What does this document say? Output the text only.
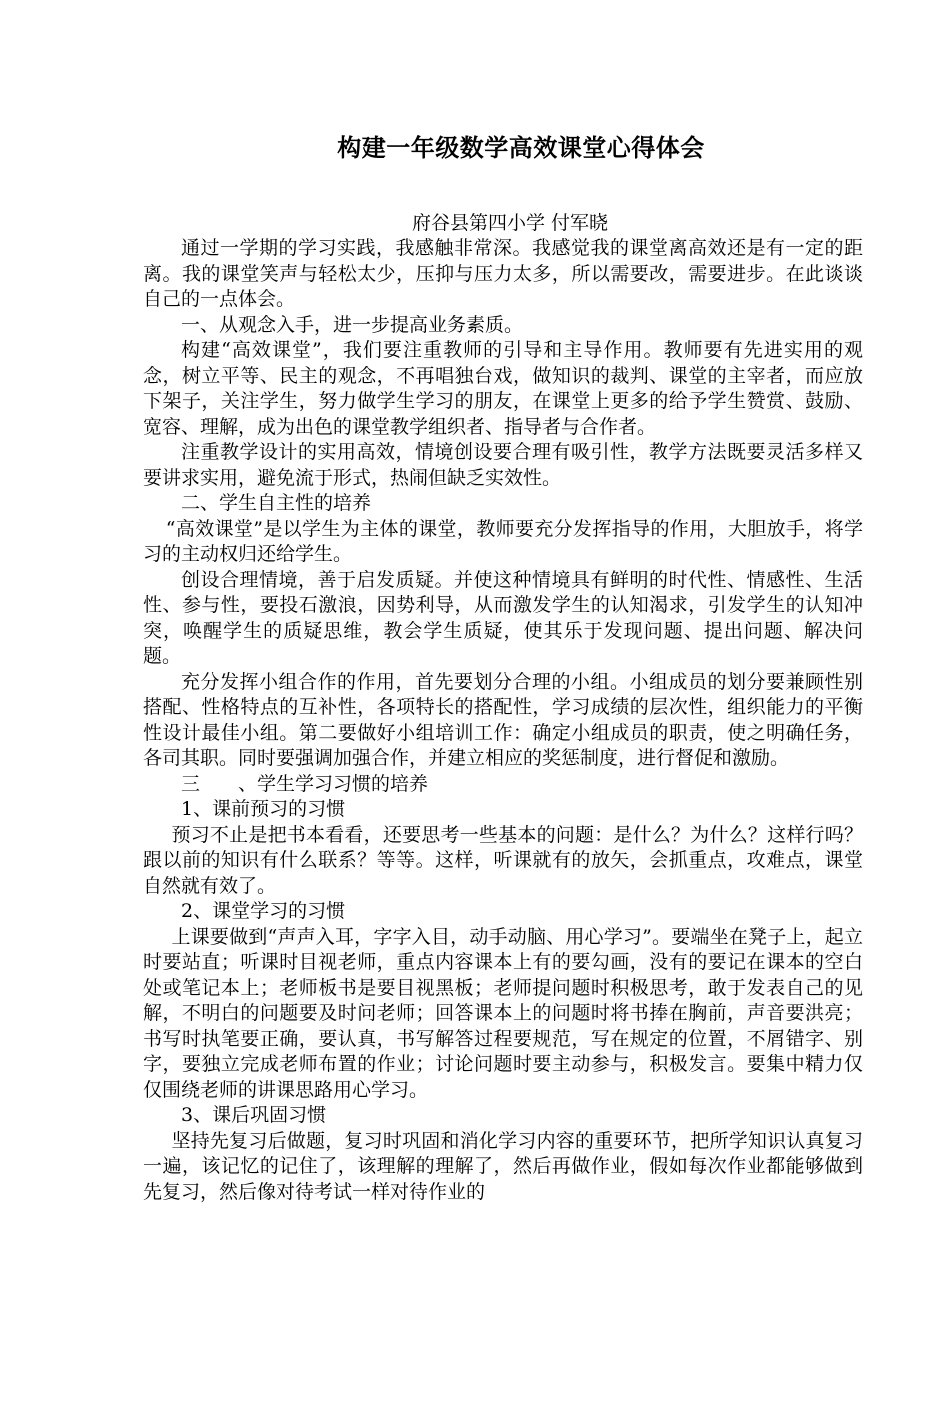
构建一年级数学高效课堂心得体会
府谷县第四小学 付军晓

通过一学期的学习实践，我感触非常深。我感觉我的课堂离高效还是有一定的距离。我的课堂笑声与轻松太少，压抑与压力太多，所以需要改，需要进步。在此谈谈自己的一点体会。

一、从观念入手，进一步提高业务素质。

构建“高效课堂”，我们要注重教师的引导和主导作用。教师要有先进实用的观念，树立平等、民主的观念，不再唱独台戏，做知识的裁判、课堂的主宰者，而应放下架子，关注学生，努力做学生学习的朋友，在课堂上更多的给予学生赞赏、鼓励、宽容、理解，成为出色的课堂教学组织者、指导者与合作者。

注重教学设计的实用高效，情境创设要合理有吸引性，教学方法既要灵活多样又要讲求实用，避免流于形式，热闹但缺乏实效性。

二、学生自主性的培养

“高效课堂”是以学生为主体的课堂，教师要充分发挥指导的作用，大胆放手，将学习的主动权归还给学生。

创设合理情境，善于启发质疑。并使这种情境具有鲜明的时代性、情感性、生活性、参与性，要投石激浪，因势利导，从而激发学生的认知渴求，引发学生的认知冲突，唤醒学生的质疑思维，教会学生质疑，使其乐于发现问题、提出问题、解决问题。

充分发挥小组合作的作用，首先要划分合理的小组。小组成员的划分要兼顾性别搭配、性格特点的互补性，各项特长的搭配性，学习成绩的层次性，组织能力的平衡性设计最佳小组。第二要做好小组培训工作：确定小组成员的职责，使之明确任务，各司其职。同时要强调加强合作，并建立相应的奖惩制度，进行督促和激励。

三　　、学生学习习惯的培养

1、课前预习的习惯

预习不止是把书本看看，还要思考一些基本的问题：是什么？为什么？这样行吗？跟以前的知识有什么联系？等等。这样，听课就有的放矢，会抓重点，攻难点，课堂自然就有效了。

2、课堂学习的习惯

上课要做到“声声入耳，字字入目，动手动脑、用心学习”。要端坐在凳子上，起立时要站直；听课时目视老师，重点内容课本上有的要勾画，没有的要记在课本的空白处或笔记本上；老师板书是要目视黑板；老师提问题时积极思考，敢于发表自己的见解，不明白的问题要及时问老师；回答课本上的问题时将书捧在胸前，声音要洪亮；书写时执笔要正确，要认真，书写解答过程要规范，写在规定的位置，不屑错字、别字，要独立完成老师布置的作业；讨论问题时要主动参与，积极发言。要集中精力仅仅围绕老师的讲课思路用心学习。

3、课后巩固习惯

坚持先复习后做题，复习时巩固和消化学习内容的重要环节，把所学知识认真复习一遍，该记忆的记住了，该理解的理解了，然后再做作业，假如每次作业都能够做到先复习，然后像对待考试一样对待作业的
